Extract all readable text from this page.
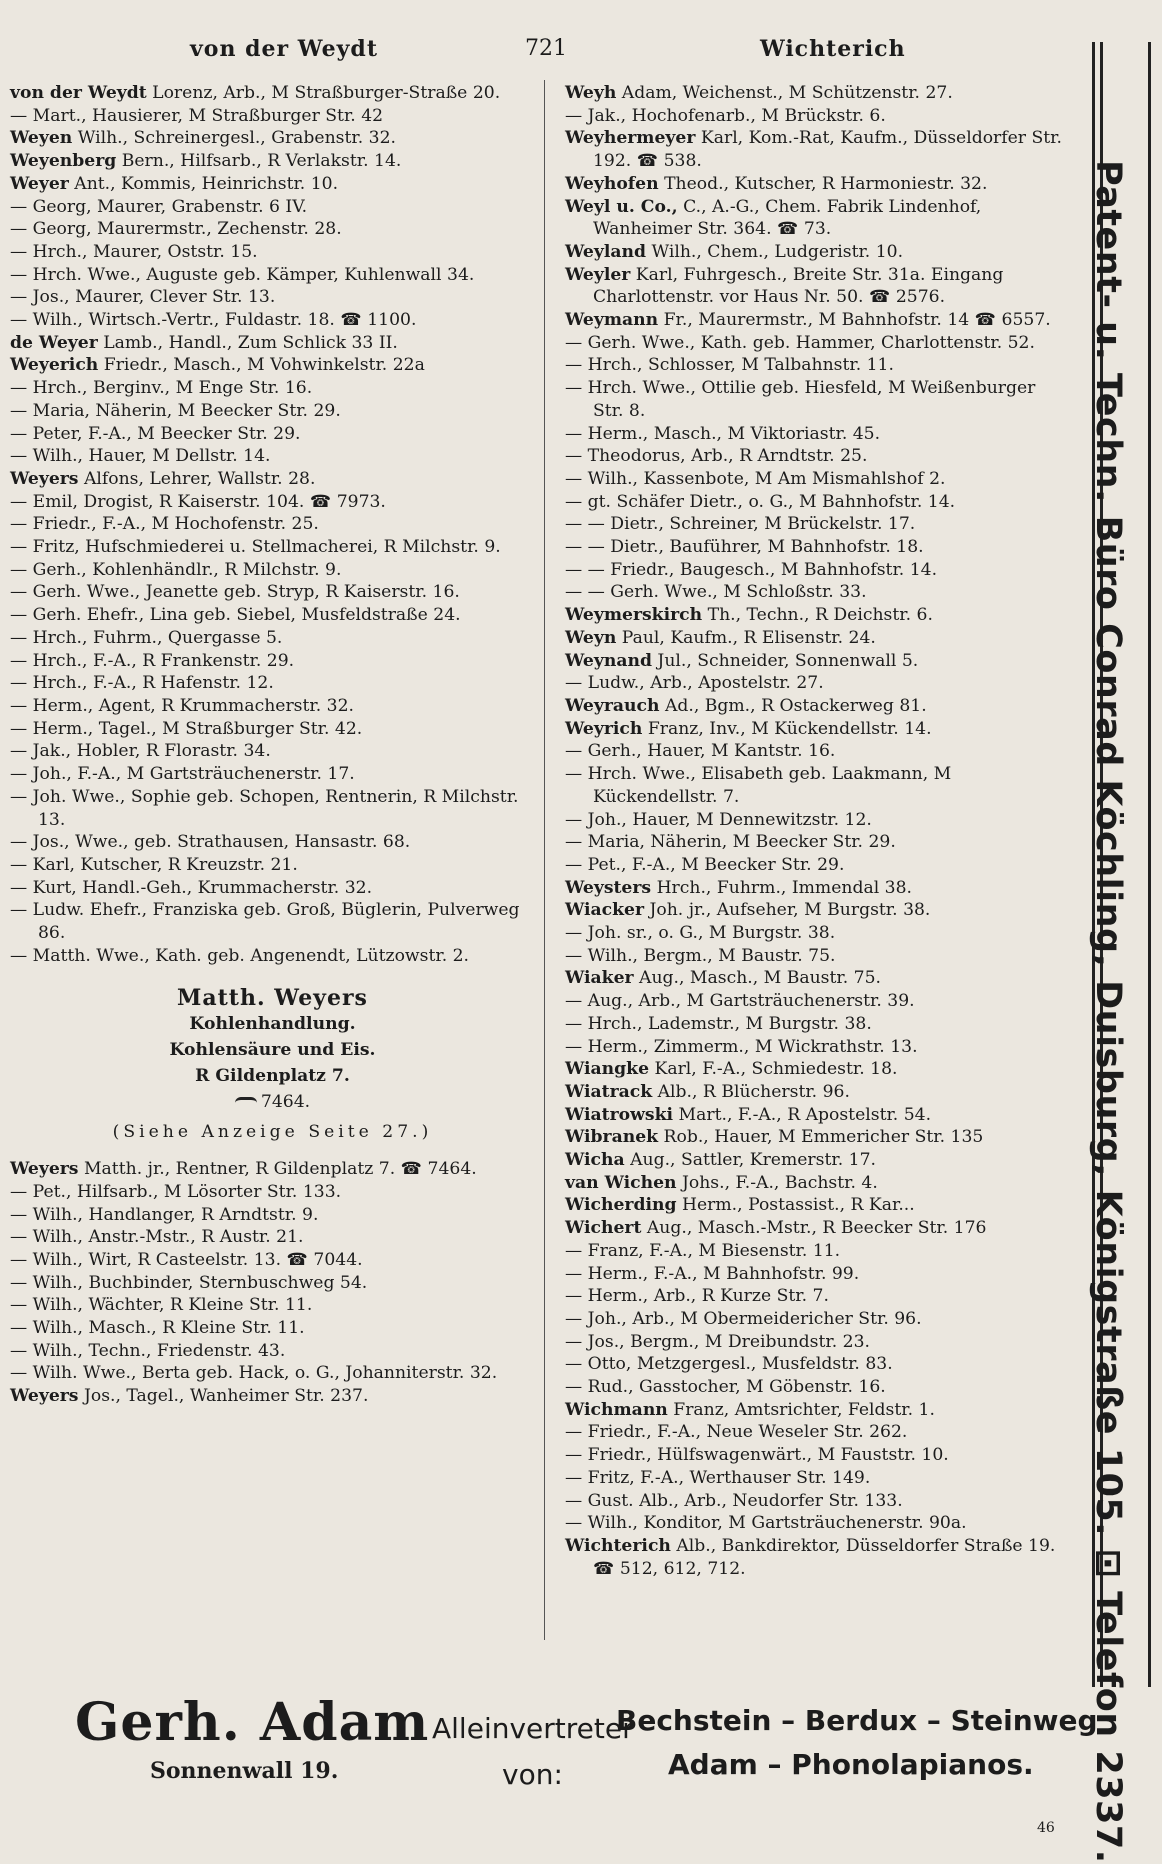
von der Weydt	721	Wichterich

von der Weydt Lorenz, Arb., M Straßburger-Straße 20.

— Mart., Hausierer, M Straßburger Str. 42

Weyen Wilh., Schreinergesl., Grabenstr. 32.

Weyenberg Bern., Hilfsarb., R Verlakstr. 14.

Weyer Ant., Kommis, Heinrichstr. 10.

— Georg, Maurer, Grabenstr. 6 IV.

— Georg, Maurermstr., Zechenstr. 28.

— Hrch., Maurer, Oststr. 15.

— Hrch. Wwe., Auguste geb. Kämper, Kuhlenwall 34.

— Jos., Maurer, Clever Str. 13.

— Wilh., Wirtsch.-Vertr., Fuldastr. 18. ☎ 1100.

de Weyer Lamb., Handl., Zum Schlick 33 II.

Weyerich Friedr., Masch., M Vohwinkelstr. 22a

— Hrch., Berginv., M Enge Str. 16.

— Maria, Näherin, M Beecker Str. 29.

— Peter, F.-A., M Beecker Str. 29.

— Wilh., Hauer, M Dellstr. 14.

Weyers Alfons, Lehrer, Wallstr. 28.

— Emil, Drogist, R Kaiserstr. 104. ☎ 7973.

— Friedr., F.-A., M Hochofenstr. 25.

— Fritz, Hufschmiederei u. Stellmacherei, R Milchstr. 9.

— Gerh., Kohlenhändlr., R Milchstr. 9.

— Gerh. Wwe., Jeanette geb. Stryp, R Kaiserstr. 16.

— Gerh. Ehefr., Lina geb. Siebel, Musfeldstraße 24.

— Hrch., Fuhrm., Quergasse 5.

— Hrch., F.-A., R Frankenstr. 29.

— Hrch., F.-A., R Hafenstr. 12.

— Herm., Agent, R Krummacherstr. 32.

— Herm., Tagel., M Straßburger Str. 42.

— Jak., Hobler, R Florastr. 34.

— Joh., F.-A., M Gartsträuchenerstr. 17.

— Joh. Wwe., Sophie geb. Schopen, Rentnerin, R Milchstr. 13.

— Jos., Wwe., geb. Strathausen, Hansastr. 68.

— Karl, Kutscher, R Kreuzstr. 21.

— Kurt, Handl.-Geh., Krummacherstr. 32.

— Ludw. Ehefr., Franziska geb. Groß, Büglerin, Pulverweg 86.

— Matth. Wwe., Kath. geb. Angenendt, Lützowstr. 2.

Matth. Weyers
Kohlenhandlung.
Kohlensäure und Eis.
R Gildenplatz 7.
7464.
(Siehe Anzeige Seite 27.)

Weyers Matth. jr., Rentner, R Gildenplatz 7. ☎ 7464.

— Pet., Hilfsarb., M Lösorter Str. 133.

— Wilh., Handlanger, R Arndtstr. 9.

— Wilh., Anstr.-Mstr., R Austr. 21.

— Wilh., Wirt, R Casteelstr. 13. ☎ 7044.

— Wilh., Buchbinder, Sternbuschweg 54.

— Wilh., Wächter, R Kleine Str. 11.

— Wilh., Masch., R Kleine Str. 11.

— Wilh., Techn., Friedenstr. 43.

— Wilh. Wwe., Berta geb. Hack, o. G., Johanniterstr. 32.

Weyers Jos., Tagel., Wanheimer Str. 237.

Weyh Adam, Weichenst., M Schützenstr. 27.

— Jak., Hochofenarb., M Brückstr. 6.

Weyhermeyer Karl, Kom.-Rat, Kaufm., Düsseldorfer Str. 192. ☎ 538.

Weyhofen Theod., Kutscher, R Harmoniestr. 32.

Weyl u. Co., C., A.-G., Chem. Fabrik Lindenhof, Wanheimer Str. 364. ☎ 73.

Weyland Wilh., Chem., Ludgeristr. 10.

Weyler Karl, Fuhrgesch., Breite Str. 31a. Eingang Charlottenstr. vor Haus Nr. 50. ☎ 2576.

Weymann Fr., Maurermstr., M Bahnhofstr. 14 ☎ 6557.

— Gerh. Wwe., Kath. geb. Hammer, Charlottenstr. 52.

— Hrch., Schlosser, M Talbahnstr. 11.

— Hrch. Wwe., Ottilie geb. Hiesfeld, M Weißenburger Str. 8.

— Herm., Masch., M Viktoriastr. 45.

— Theodorus, Arb., R Arndtstr. 25.

— Wilh., Kassenbote, M Am Mismahlshof 2.

— gt. Schäfer Dietr., o. G., M Bahnhofstr. 14.

— — Dietr., Schreiner, M Brückelstr. 17.

— — Dietr., Bauführer, M Bahnhofstr. 18.

— — Friedr., Baugesch., M Bahnhofstr. 14.

— — Gerh. Wwe., M Schloßstr. 33.

Weymerskirch Th., Techn., R Deichstr. 6.

Weyn Paul, Kaufm., R Elisenstr. 24.

Weynand Jul., Schneider, Sonnenwall 5.

— Ludw., Arb., Apostelstr. 27.

Weyrauch Ad., Bgm., R Ostackerweg 81.

Weyrich Franz, Inv., M Kückendellstr. 14.

— Gerh., Hauer, M Kantstr. 16.

— Hrch. Wwe., Elisabeth geb. Laakmann, M Kückendellstr. 7.

— Joh., Hauer, M Dennewitzstr. 12.

— Maria, Näherin, M Beecker Str. 29.

— Pet., F.-A., M Beecker Str. 29.

Weysters Hrch., Fuhrm., Immendal 38.

Wiacker Joh. jr., Aufseher, M Burgstr. 38.

— Joh. sr., o. G., M Burgstr. 38.

— Wilh., Bergm., M Baustr. 75.

Wiaker Aug., Masch., M Baustr. 75.

— Aug., Arb., M Gartsträuchenerstr. 39.

— Hrch., Lademstr., M Burgstr. 38.

— Herm., Zimmerm., M Wickrathstr. 13.

Wiangke Karl, F.-A., Schmiedestr. 18.

Wiatrack Alb., R Blücherstr. 96.

Wiatrowski Mart., F.-A., R Apostelstr. 54.

Wibranek Rob., Hauer, M Emmericher Str. 135

Wicha Aug., Sattler, Kremerstr. 17.

van Wichen Johs., F.-A., Bachstr. 4.

Wicherding Herm., Postassist., R Kar...

Wichert Aug., Masch.-Mstr., R Beecker Str. 176

— Franz, F.-A., M Biesenstr. 11.

— Herm., F.-A., M Bahnhofstr. 99.

— Herm., Arb., R Kurze Str. 7.

— Joh., Arb., M Obermeidericher Str. 96.

— Jos., Bergm., M Dreibundstr. 23.

— Otto, Metzgergesl., Musfeldstr. 83.

— Rud., Gasstocher, M Göbenstr. 16.

Wichmann Franz, Amtsrichter, Feldstr. 1.

— Friedr., F.-A., Neue Weseler Str. 262.

— Friedr., Hülfswagenwärt., M Fauststr. 10.

— Fritz, F.-A., Werthauser Str. 149.

— Gust. Alb., Arb., Neudorfer Str. 133.

— Wilh., Konditor, M Gartsträuchenerstr. 90a.

Wichterich Alb., Bankdirektor, Düsseldorfer Straße 19. ☎ 512, 612, 712.	Patent- u. Techn. Büro Conrad Köchling, Duisburg, Königstraße 105. ⊡ Telefon 2337.
Gerh. Adam
Sonnenwall 19.
Alleinvertreter
von:
Bechstein – Berdux – Steinweg
Adam – Phonolapianos.
46
